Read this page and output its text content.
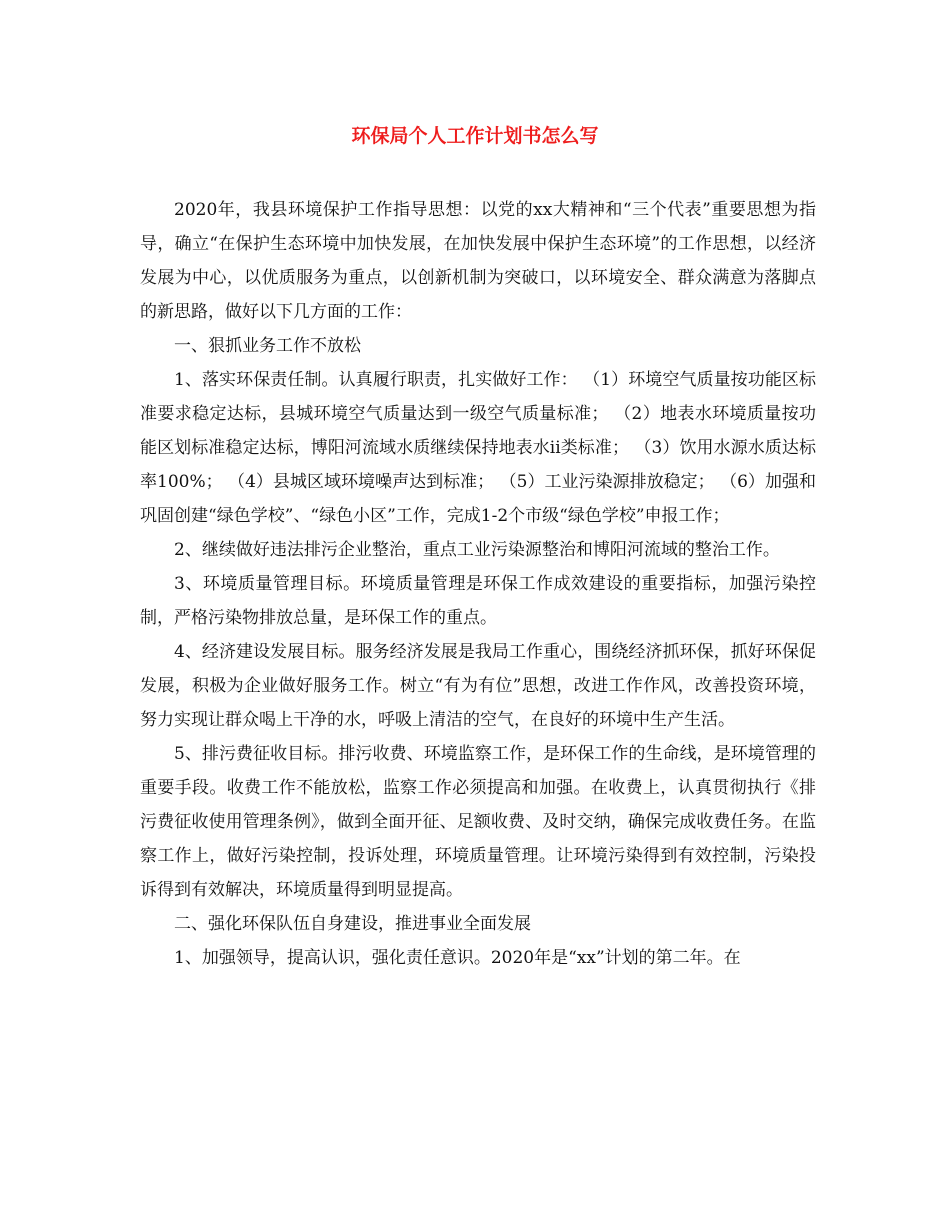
环保局个人工作计划书怎么写

2020年，我县环境保护工作指导思想：以党的xx大精神和“三个代表”重要思想为指导，确立“在保护生态环境中加快发展，在加快发展中保护生态环境”的工作思想，以经济发展为中心，以优质服务为重点，以创新机制为突破口，以环境安全、群众满意为落脚点的新思路，做好以下几方面的工作：

一、狠抓业务工作不放松

1、落实环保责任制。认真履行职责，扎实做好工作： （1）环境空气质量按功能区标准要求稳定达标，县城环境空气质量达到一级空气质量标准； （2）地表水环境质量按功能区划标准稳定达标，博阳河流域水质继续保持地表水ii类标准； （3）饮用水源水质达标率100%； （4）县城区域环境噪声达到标准； （5）工业污染源排放稳定； （6）加强和巩固创建“绿色学校”、“绿色小区”工作，完成1-2个市级“绿色学校”申报工作；

2、继续做好违法排污企业整治，重点工业污染源整治和博阳河流域的整治工作。

3、环境质量管理目标。环境质量管理是环保工作成效建设的重要指标，加强污染控制，严格污染物排放总量，是环保工作的重点。

4、经济建设发展目标。服务经济发展是我局工作重心，围绕经济抓环保，抓好环保促发展，积极为企业做好服务工作。树立“有为有位”思想，改进工作作风，改善投资环境，努力实现让群众喝上干净的水，呼吸上清洁的空气，在良好的环境中生产生活。

5、排污费征收目标。排污收费、环境监察工作，是环保工作的生命线，是环境管理的重要手段。收费工作不能放松，监察工作必须提高和加强。在收费上，认真贯彻执行《排污费征收使用管理条例》，做到全面开征、足额收费、及时交纳，确保完成收费任务。在监察工作上，做好污染控制，投诉处理，环境质量管理。让环境污染得到有效控制，污染投诉得到有效解决，环境质量得到明显提高。

二、强化环保队伍自身建设，推进事业全面发展

1、加强领导，提高认识，强化责任意识。2020年是“xx”计划的第二年。在
